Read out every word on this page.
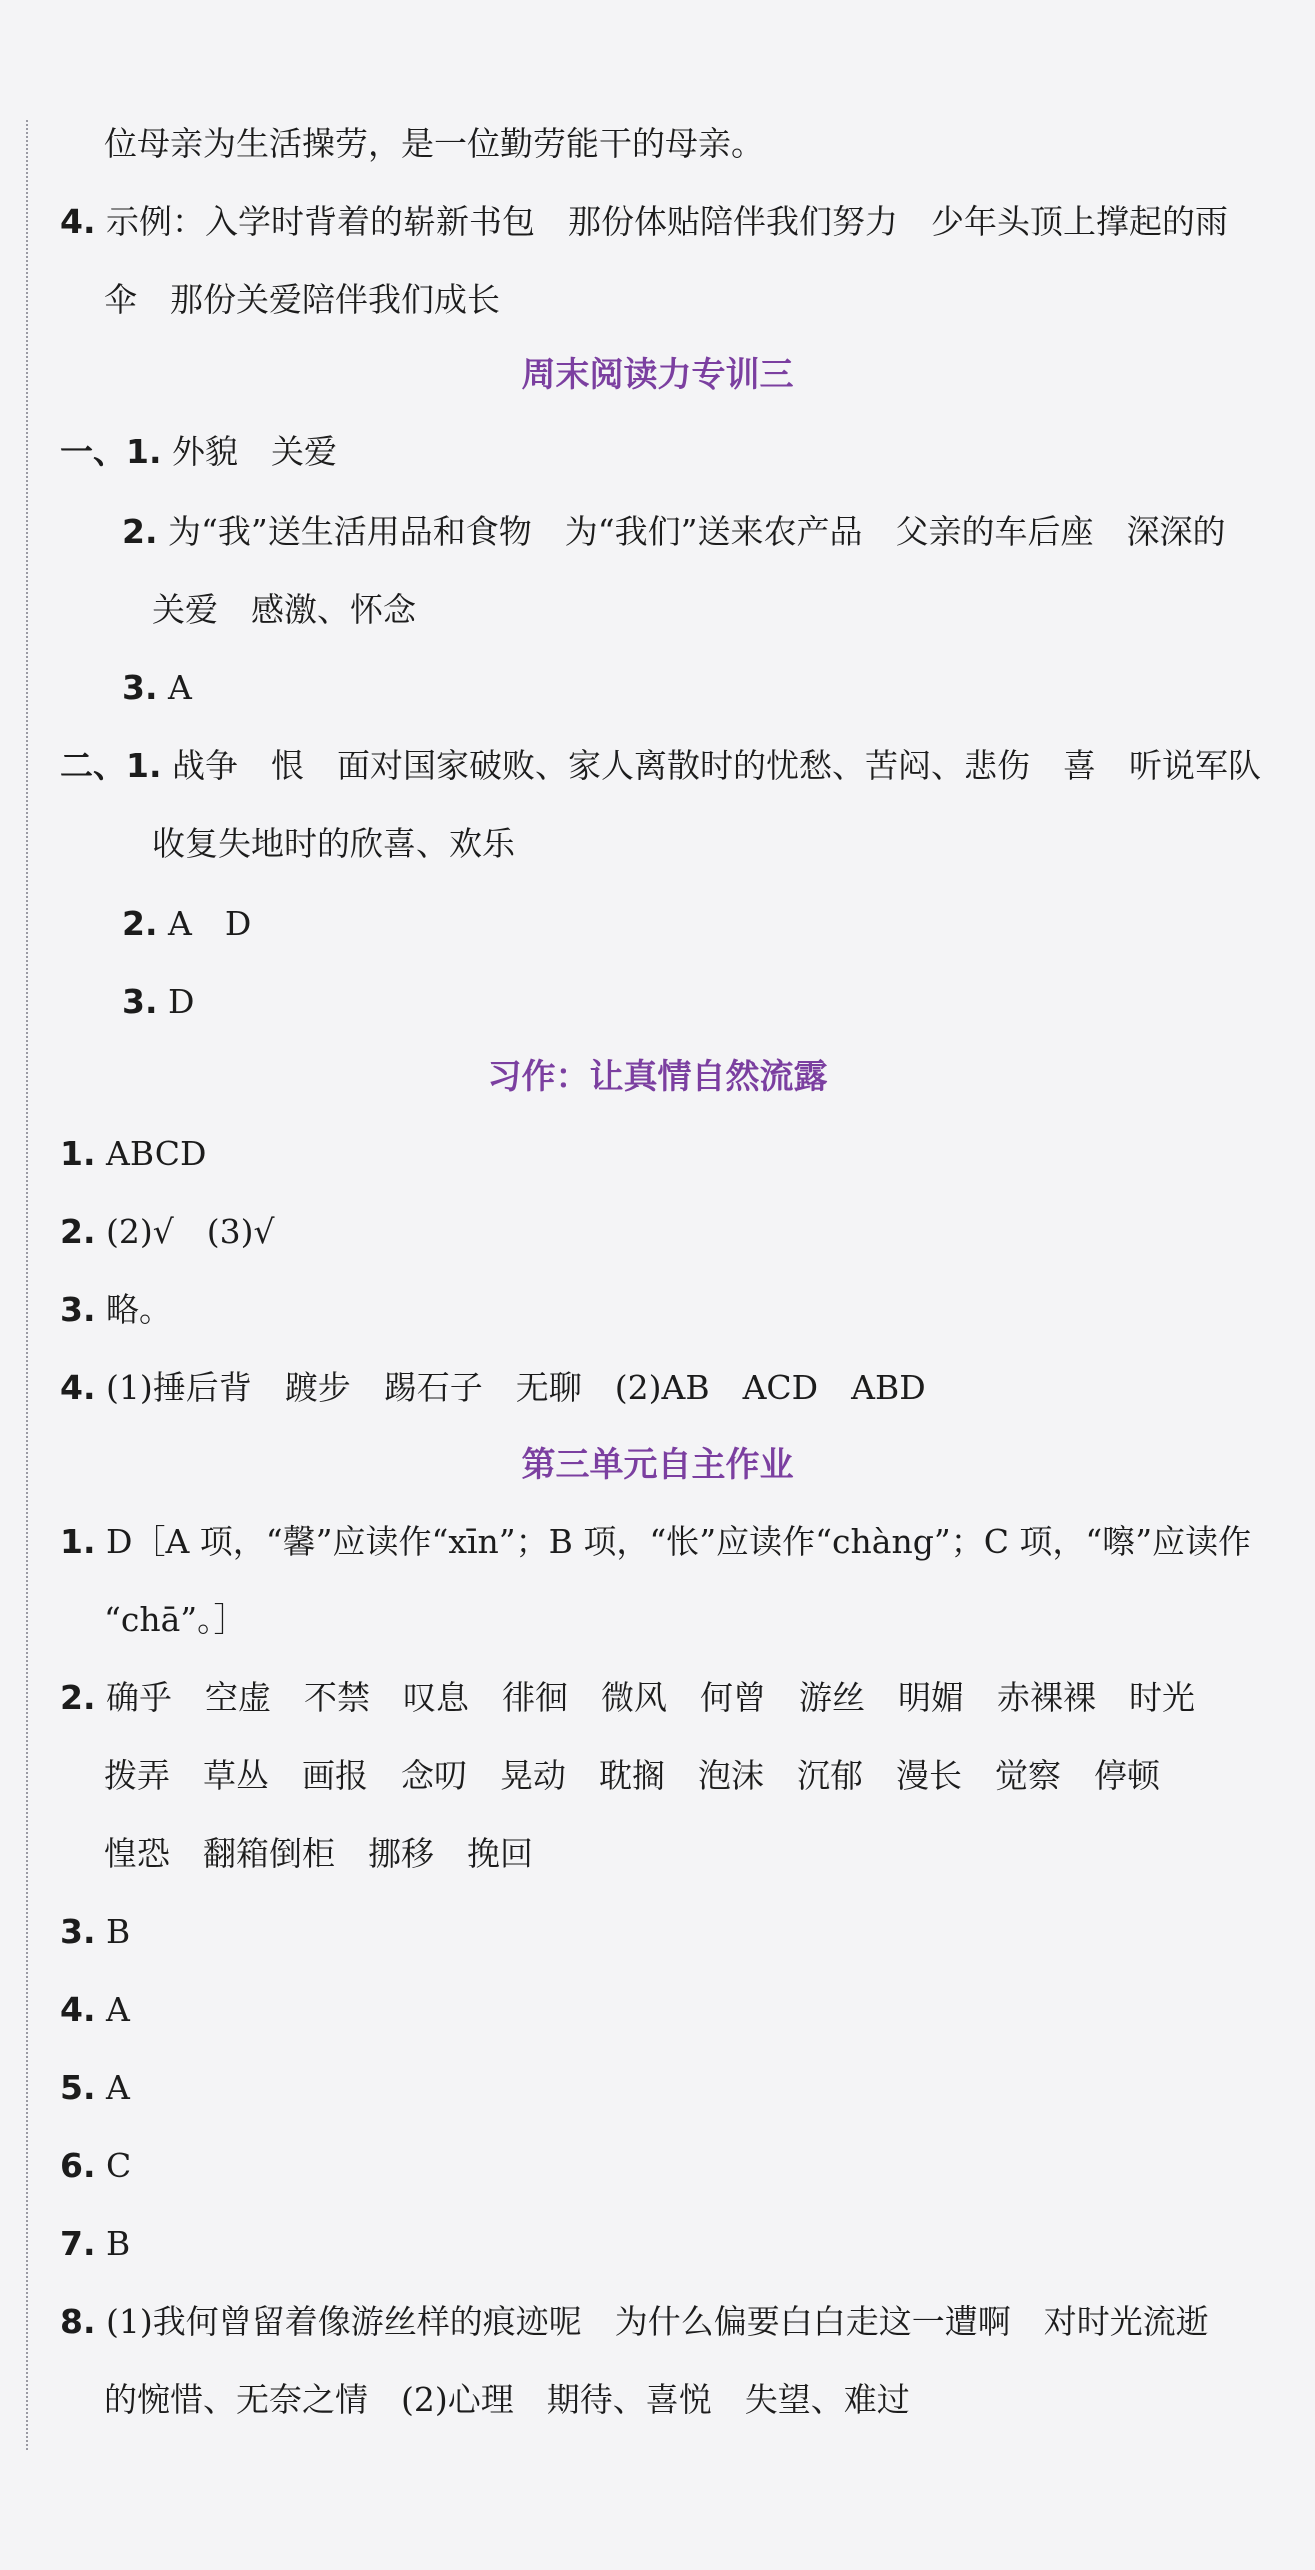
位母亲为生活操劳，是一位勤劳能干的母亲。
4. 示例：入学时背着的崭新书包　那份体贴陪伴我们努力　少年头顶上撑起的雨
伞　那份关爱陪伴我们成长
周末阅读力专训三
一、1. 外貌　关爱
2. 为“我”送生活用品和食物　为“我们”送来农产品　父亲的车后座　深深的
关爱　感激、怀念
3. A
二、1. 战争　恨　面对国家破败、家人离散时的忧愁、苦闷、悲伤　喜　听说军队
收复失地时的欣喜、欢乐
2. A　D
3. D
习作：让真情自然流露
1. ABCD
2. (2)√　(3)√
3. 略。
4. (1)捶后背　踱步　踢石子　无聊　(2)AB　ACD　ABD
第三单元自主作业
1. D［A 项，“馨”应读作“xīn”；B 项，“怅”应读作“chàng”；C 项，“嚓”应读作
“chā”。］
2. 确乎　空虚　不禁　叹息　徘徊　微风　何曾　游丝　明媚　赤裸裸　时光
拨弄　草丛　画报　念叨　晃动　耽搁　泡沫　沉郁　漫长　觉察　停顿
惶恐　翻箱倒柜　挪移　挽回
3. B
4. A
5. A
6. C
7. B
8. (1)我何曾留着像游丝样的痕迹呢　为什么偏要白白走这一遭啊　对时光流逝
的惋惜、无奈之情　(2)心理　期待、喜悦　失望、难过
